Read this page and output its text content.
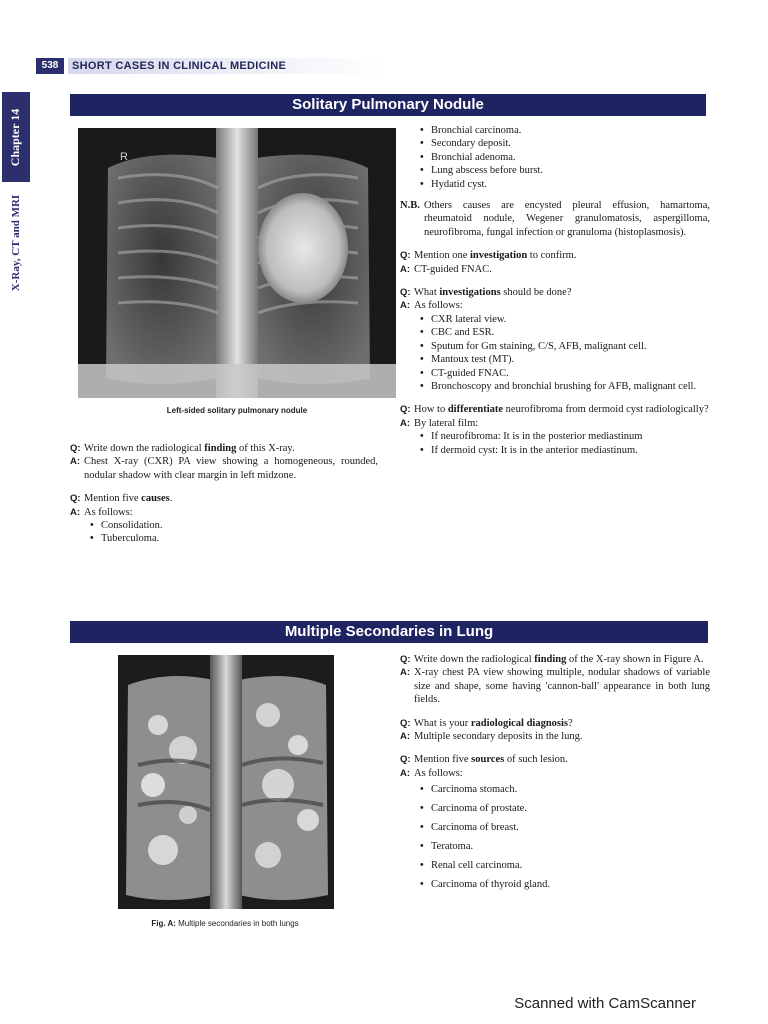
538	SHORT CASES IN CLINICAL MEDICINE
Chapter 14
X-Ray, CT and MRI
Solitary Pulmonary Nodule
R
Left-sided solitary pulmonary nodule
Q: Write down the radiological finding of this X-ray.
A: Chest X-ray (CXR) PA view showing a homogeneous, rounded, nodular shadow with clear margin in left midzone.
Q: Mention five causes.
A: As follows:
• Consolidation.
• Tuberculoma.
• Bronchial carcinoma.
• Secondary deposit.
• Bronchial adenoma.
• Lung abscess before burst.
• Hydatid cyst.
N.B. Others causes are encysted pleural effusion, hamartoma, rheumatoid nodule, Wegener granulomatosis, aspergilloma, neurofibroma, fungal infection or granuloma (histoplasmosis).
Q: Mention one investigation to confirm.
A: CT-guided FNAC.
Q: What investigations should be done?
A: As follows:
• CXR lateral view.
• CBC and ESR.
• Sputum for Gm staining, C/S, AFB, malignant cell.
• Mantoux test (MT).
• CT-guided FNAC.
• Bronchoscopy and bronchial brushing for AFB, malignant cell.
Q: How to differentiate neurofibroma from dermoid cyst radiologically?
A: By lateral film:
• If neurofibroma: It is in the posterior mediastinum
• If dermoid cyst: It is in the anterior mediastinum.
Multiple Secondaries in Lung
Fig. A: Multiple secondaries in both lungs
Q: Write down the radiological finding of the X-ray shown in Figure A.
A: X-ray chest PA view showing multiple, nodular shadows of variable size and shape, some having 'cannon-ball' appearance in both lung fields.
Q: What is your radiological diagnosis?
A: Multiple secondary deposits in the lung.
Q: Mention five sources of such lesion.
A: As follows:
• Carcinoma stomach.
• Carcinoma of prostate.
• Carcinoma of breast.
• Teratoma.
• Renal cell carcinoma.
• Carcinoma of thyroid gland.
Scanned with CamScanner
